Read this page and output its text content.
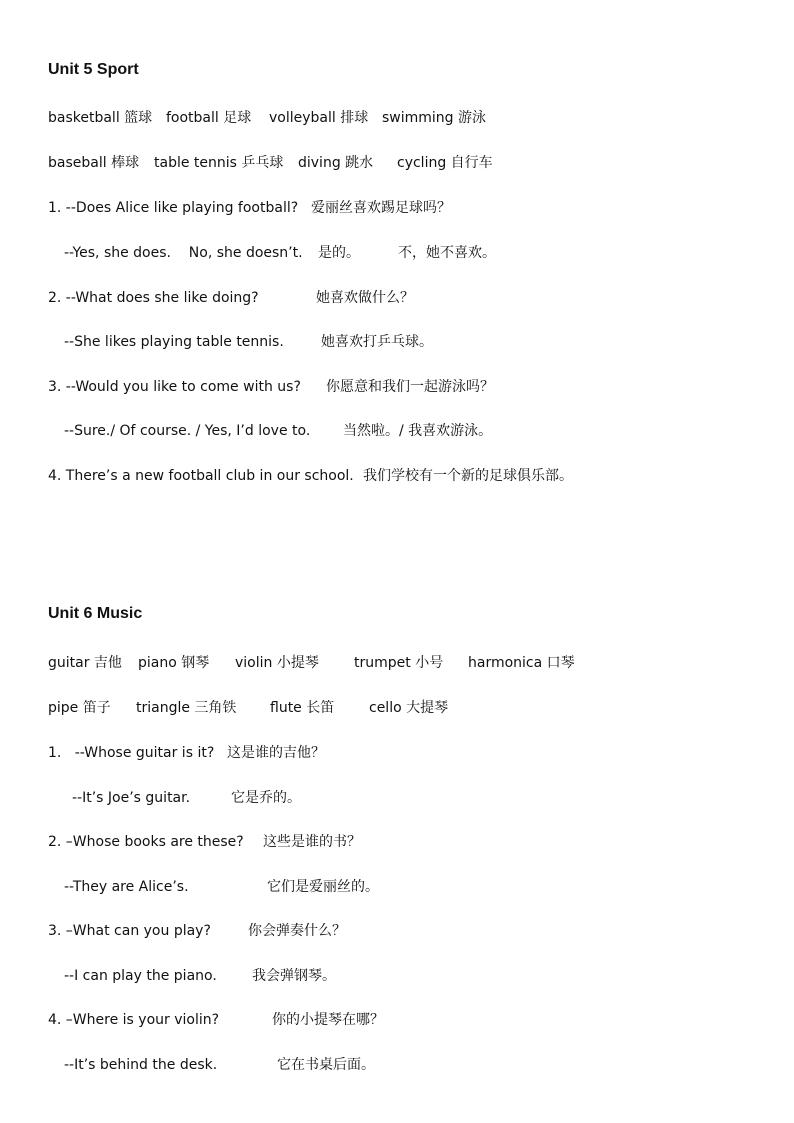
Unit 5 Sport

basketball 篮球

football 足球

volleyball 排球

swimming 游泳

baseball 棒球

table tennis 乒乓球

diving 跳水

cycling 自行车

1. --Does Alice like playing football?

爱丽丝喜欢踢足球吗？

--Yes, she does.    No, she doesn’t.

是的。

	不，她不喜欢。

2. --What does she like doing?

	她喜欢做什么？

--She likes playing table tennis.

	她喜欢打乒乓球。

3. --Would you like to come with us?

你愿意和我们一起游泳吗？

--Sure./ Of course. / Yes, I’d love to.

当然啦。/ 我喜欢游泳。

4. There’s a new football club in our school.

我们学校有一个新的足球俱乐部。

Unit 6 Music

guitar 吉他

piano 钢琴

violin 小提琴

	trumpet 小号

harmonica 口琴

pipe 笛子

triangle 三角铁

flute 长笛

cello 大提琴

1.   --Whose guitar is it?

这是谁的吉他？

--It’s Joe’s guitar.

	它是乔的。

2. –Whose books are these?

这些是谁的书？

--They are Alice’s.

	它们是爱丽丝的。

3. –What can you play?

	你会弹奏什么？

--I can play the piano.

	我会弹钢琴。

4. –Where is your violin?

	你的小提琴在哪？

--It’s behind the desk.

	它在书桌后面。
